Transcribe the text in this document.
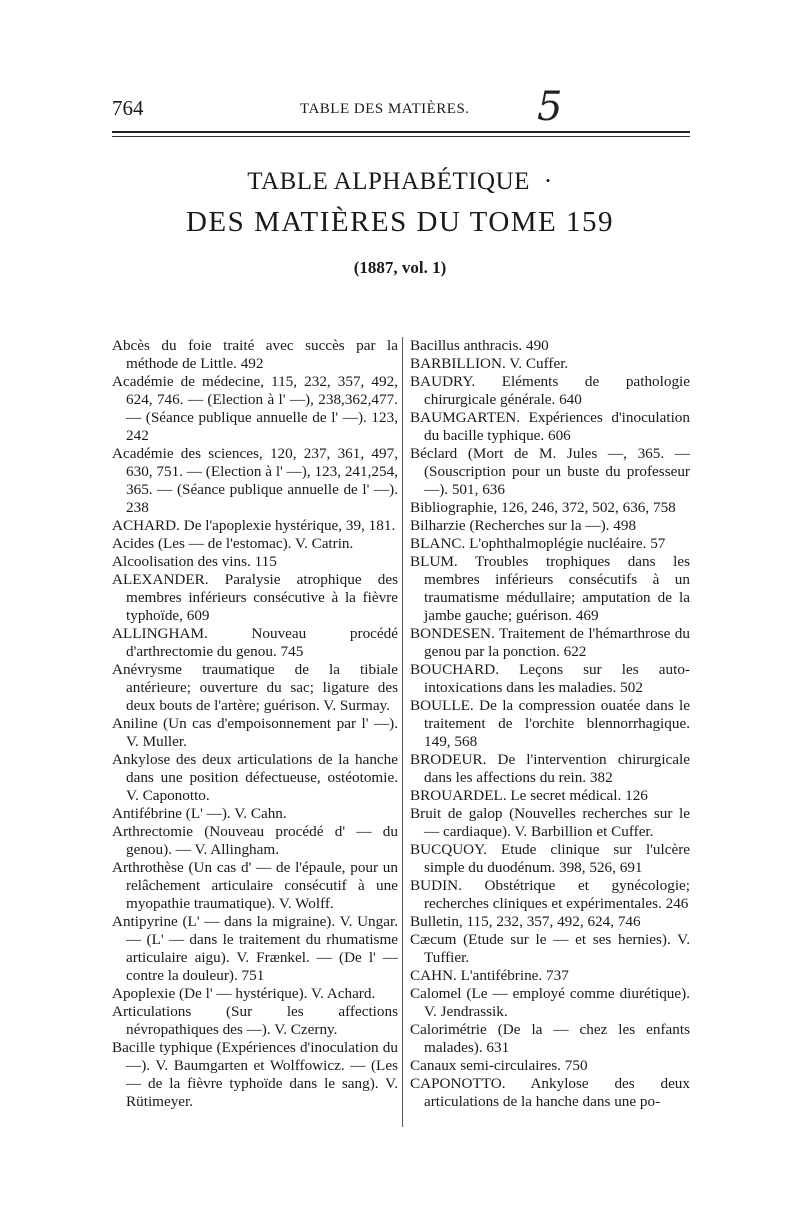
764	TABLE DES MATIÈRES. 5
TABLE ALPHABÉTIQUE ·
DES MATIÈRES DU TOME 159
(1887, vol. 1)
Abcès du foie traité avec succès par la méthode de Little. 492
Académie de médecine, 115, 232, 357, 492, 624, 746. — (Election à l' —), 238,362,477. — (Séance publique annuelle de l' —). 123, 242
Académie des sciences, 120, 237, 361, 497, 630, 751. — (Election à l' —), 123, 241,254, 365. — (Séance publique annuelle de l' —). 238
ACHARD. De l'apoplexie hystérique, 39, 181.
Acides (Les — de l'estomac). V. Catrin.
Alcoolisation des vins. 115
ALEXANDER. Paralysie atrophique des membres inférieurs consécutive à la fièvre typhoïde, 609
ALLINGHAM. Nouveau procédé d'arthrectomie du genou. 745
Anévrysme traumatique de la tibiale antérieure; ouverture du sac; ligature des deux bouts de l'artère; guérison. V. Surmay.
Aniline (Un cas d'empoisonnement par l' —). V. Muller.
Ankylose des deux articulations de la hanche dans une position défectueuse, ostéotomie. V. Caponotto.
Antifébrine (L' —). V. Cahn.
Arthrectomie (Nouveau procédé d' — du genou). — V. Allingham.
Arthrothèse (Un cas d' — de l'épaule, pour un relâchement articulaire consécutif à une myopathie traumatique). V. Wolff.
Antipyrine (L' — dans la migraine). V. Ungar. — (L' — dans le traitement du rhumatisme articulaire aigu). V. Frænkel. — (De l' — contre la douleur). 751
Apoplexie (De l' — hystérique). V. Achard.
Articulations (Sur les affections névropathiques des —). V. Czerny.
Bacille typhique (Expériences d'inoculation du —). V. Baumgarten et Wolffowicz. — (Les — de la fièvre typhoïde dans le sang). V. Rütimeyer.
Bacillus anthracis. 490
BARBILLION. V. Cuffer.
BAUDRY. Eléments de pathologie chirurgicale générale. 640
BAUMGARTEN. Expériences d'inoculation du bacille typhique. 606
Béclard (Mort de M. Jules —, 365. — (Souscription pour un buste du professeur —). 501, 636
Bibliographie, 126, 246, 372, 502, 636, 758
Bilharzie (Recherches sur la —). 498
BLANC. L'ophthalmoplégie nucléaire. 57
BLUM. Troubles trophiques dans les membres inférieurs consécutifs à un traumatisme médullaire; amputation de la jambe gauche; guérison. 469
BONDESEN. Traitement de l'hémarthrose du genou par la ponction. 622
BOUCHARD. Leçons sur les auto-intoxications dans les maladies. 502
BOULLE. De la compression ouatée dans le traitement de l'orchite blennorrhagique. 149, 568
BRODEUR. De l'intervention chirurgicale dans les affections du rein. 382
BROUARDEL. Le secret médical. 126
Bruit de galop (Nouvelles recherches sur le — cardiaque). V. Barbillion et Cuffer.
BUCQUOY. Etude clinique sur l'ulcère simple du duodénum. 398, 526, 691
BUDIN. Obstétrique et gynécologie; recherches cliniques et expérimentales. 246
Bulletin, 115, 232, 357, 492, 624, 746
Cæcum (Etude sur le — et ses hernies). V. Tuffier.
CAHN. L'antifébrine. 737
Calomel (Le — employé comme diurétique). V. Jendrassik.
Calorimétrie (De la — chez les enfants malades). 631
Canaux semi-circulaires. 750
CAPONOTTO. Ankylose des deux articulations de la hanche dans une po-
